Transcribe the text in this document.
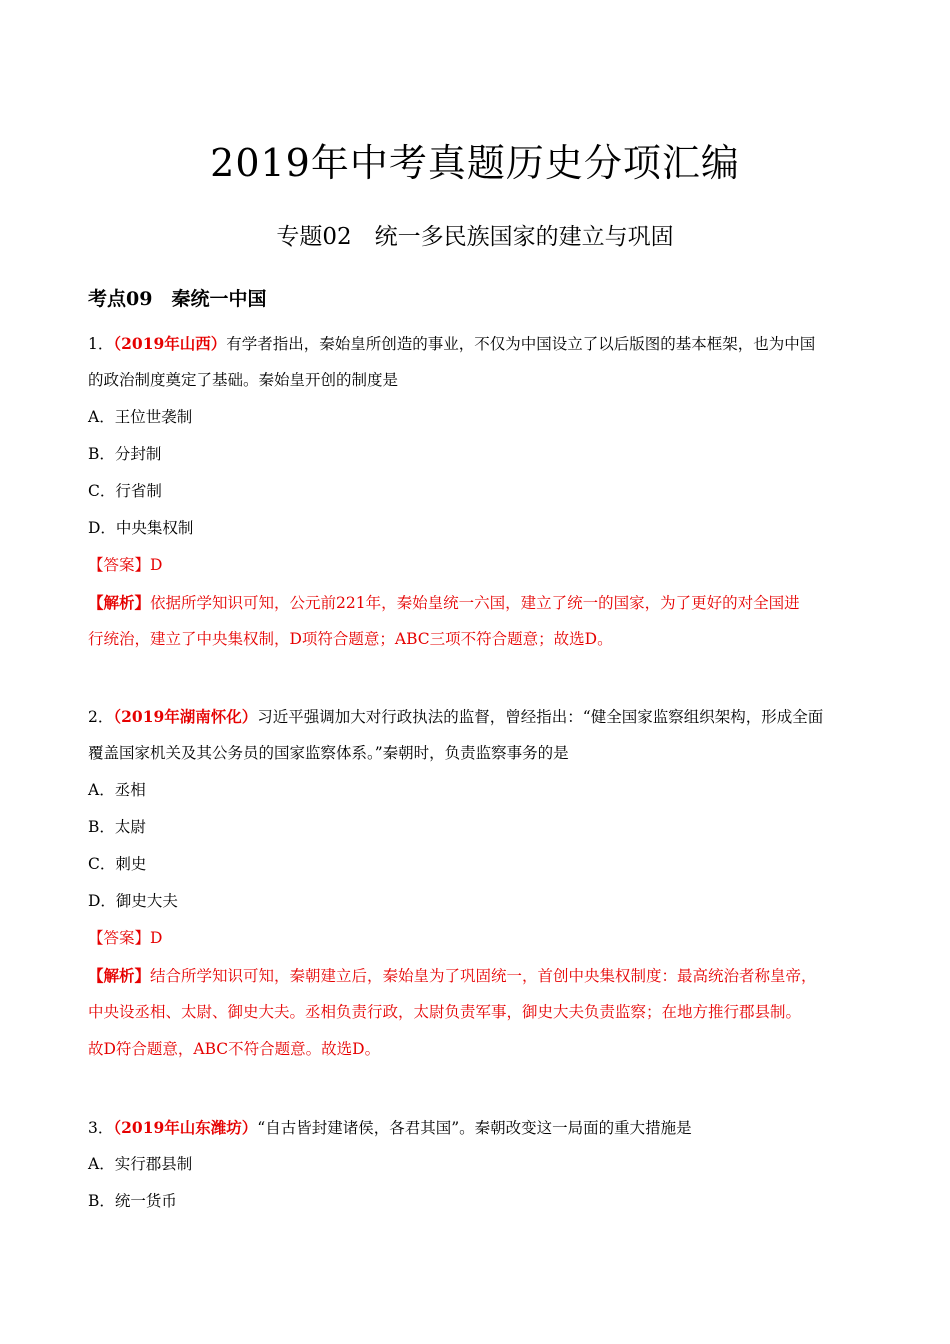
2019年中考真题历史分项汇编
专题02　统一多民族国家的建立与巩固
考点09　秦统一中国
1．（2019年山西）有学者指出，秦始皇所创造的事业，不仅为中国设立了以后版图的基本框架，也为中国
的政治制度奠定了基础。秦始皇开创的制度是
A．王位世袭制
B．分封制
C．行省制
D．中央集权制
【答案】D
【解析】依据所学知识可知，公元前221年，秦始皇统一六国，建立了统一的国家，为了更好的对全国进
行统治，建立了中央集权制，D项符合题意；ABC三项不符合题意；故选D。
2．（2019年湖南怀化）习近平强调加大对行政执法的监督，曾经指出：“健全国家监察组织架构，形成全面
覆盖国家机关及其公务员的国家监察体系。”秦朝时，负责监察事务的是
A．丞相
B．太尉
C．刺史
D．御史大夫
【答案】D
【解析】结合所学知识可知，秦朝建立后，秦始皇为了巩固统一，首创中央集权制度：最高统治者称皇帝，
中央设丞相、太尉、御史大夫。丞相负责行政，太尉负责军事，御史大夫负责监察；在地方推行郡县制。
故D符合题意，ABC不符合题意。故选D。
3．（2019年山东潍坊）“自古皆封建诸侯，各君其国”。秦朝改变这一局面的重大措施是
A．实行郡县制
B．统一货币
